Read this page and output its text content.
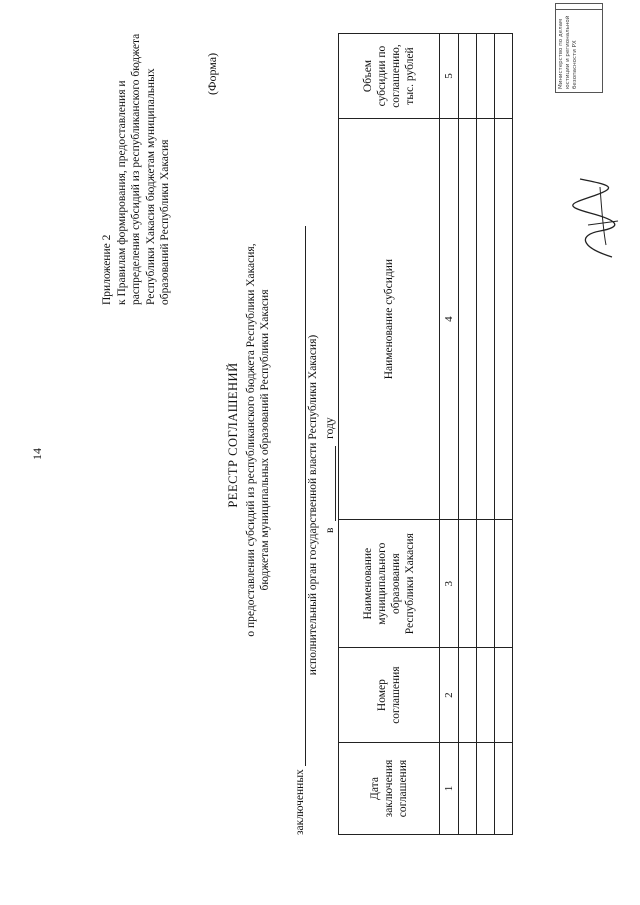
14
Приложение 2 к Правилам формирования, предоставления и распределения субсидий из республиканского бюджета Республики Хакасия бюджетам муниципальных образований Республики Хакасия
(Форма)
РЕЕСТР СОГЛАШЕНИЙ о предоставлении субсидий из республиканского бюджета Республики Хакасия, бюджетам муниципальных образований Республики Хакасия
заключенных
исполнительный орган государственной власти Республики Хакасия) в  году
Дата заключения соглашения	Номер соглашения	Наименование муниципального образования Республики Хакасия	Наименование субсидии	Объем субсидии по соглашению, тыс. рублей
1	2	3	4	5

					Министерство по делам юстиции и региональной безопасности РХ
